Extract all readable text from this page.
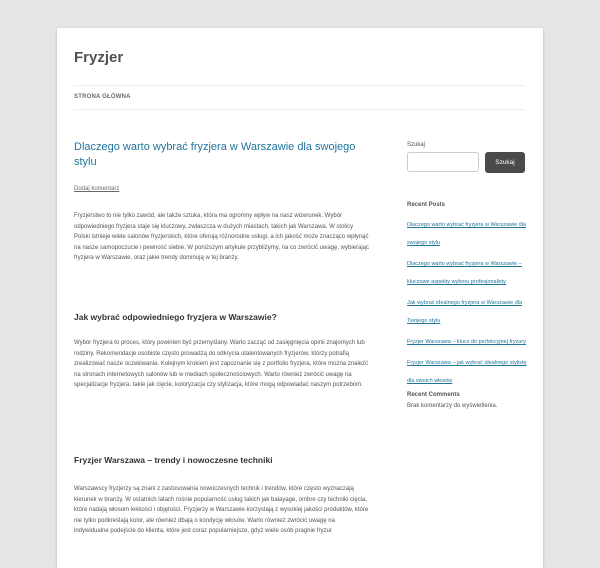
Fryzjer
STRONA GŁÓWNA
Dlaczego warto wybrać fryzjera w Warszawie dla swojego stylu
Dodaj komentarz

Fryzjerstwo to nie tylko zawód, ale także sztuka, która ma ogromny wpływ na nasz wizerunek. Wybór odpowiedniego fryzjera staje się kluczowy, zwłaszcza w dużych miastach, takich jak Warszawa. W stolicy Polski istnieje wiele salonów fryzjerskich, które oferują różnorodne usługi, a ich jakość może znacząco wpłynąć na nasze samopoczucie i pewność siebie. W poniższym artykule przybliżymy, na co zwrócić uwagę, wybierając fryzjera w Warszawie, oraz jakie trendy dominują w tej branży.

Jak wybrać odpowiedniego fryzjera w Warszawie?

Wybór fryzjera to proces, który powinien być przemyślany. Warto zacząć od zasięgnięcia opinii znajomych lub rodziny. Rekomendacje osobiste często prowadzą do odkrycia utalentowanych fryzjerów, którzy potrafią zrealizować nasze oczekiwania. Kolejnym krokiem jest zapoznanie się z portfolio fryzjera, które można znaleźć na stronach internetowych salonów lub w mediach społecznościowych. Warto również zwrócić uwagę na specjalizacje fryzjera, takie jak cięcie, koloryzacja czy stylizacja, które mogą odpowiadać naszym potrzebom.

Fryzjer Warszawa – trendy i nowoczesne techniki

Warszawscy fryzjerzy są znani z zastosowania nowoczesnych technik i trendów, które często wyznaczają kierunek w branży. W ostatnich latach rośnie popularność usług takich jak balayage, ombre czy techniki cięcia, które nadają włosom lekkości i objętości. Fryzjerzy w Warszawie korzystają z wysokiej jakości produktów, które nie tylko podkreślają kolor, ale również dbają o kondycję włosów. Warto również zwrócić uwagę na indywidualne podejście do klienta, które jest coraz popularniejsze, gdyż wiele osób pragnie fryzur

Szukaj
Szukaj
Recent Posts
Dlaczego warto wybrać fryzjera w Warszawie dla swojego stylu
Dlaczego warto wybrać fryzjera w Warszawie – kluczowe aspekty wyboru profesjonalisty
Jak wybrać idealnego fryzjera w Warszawie dla Twojego stylu
Fryzjer Warszawa – klucz do perfekcyjnej fryzury
Fryzjer Warszawa – jak wybrać idealnego stylistę dla swoich włosów
Recent Comments
Brak komentarzy do wyświetlenia.
